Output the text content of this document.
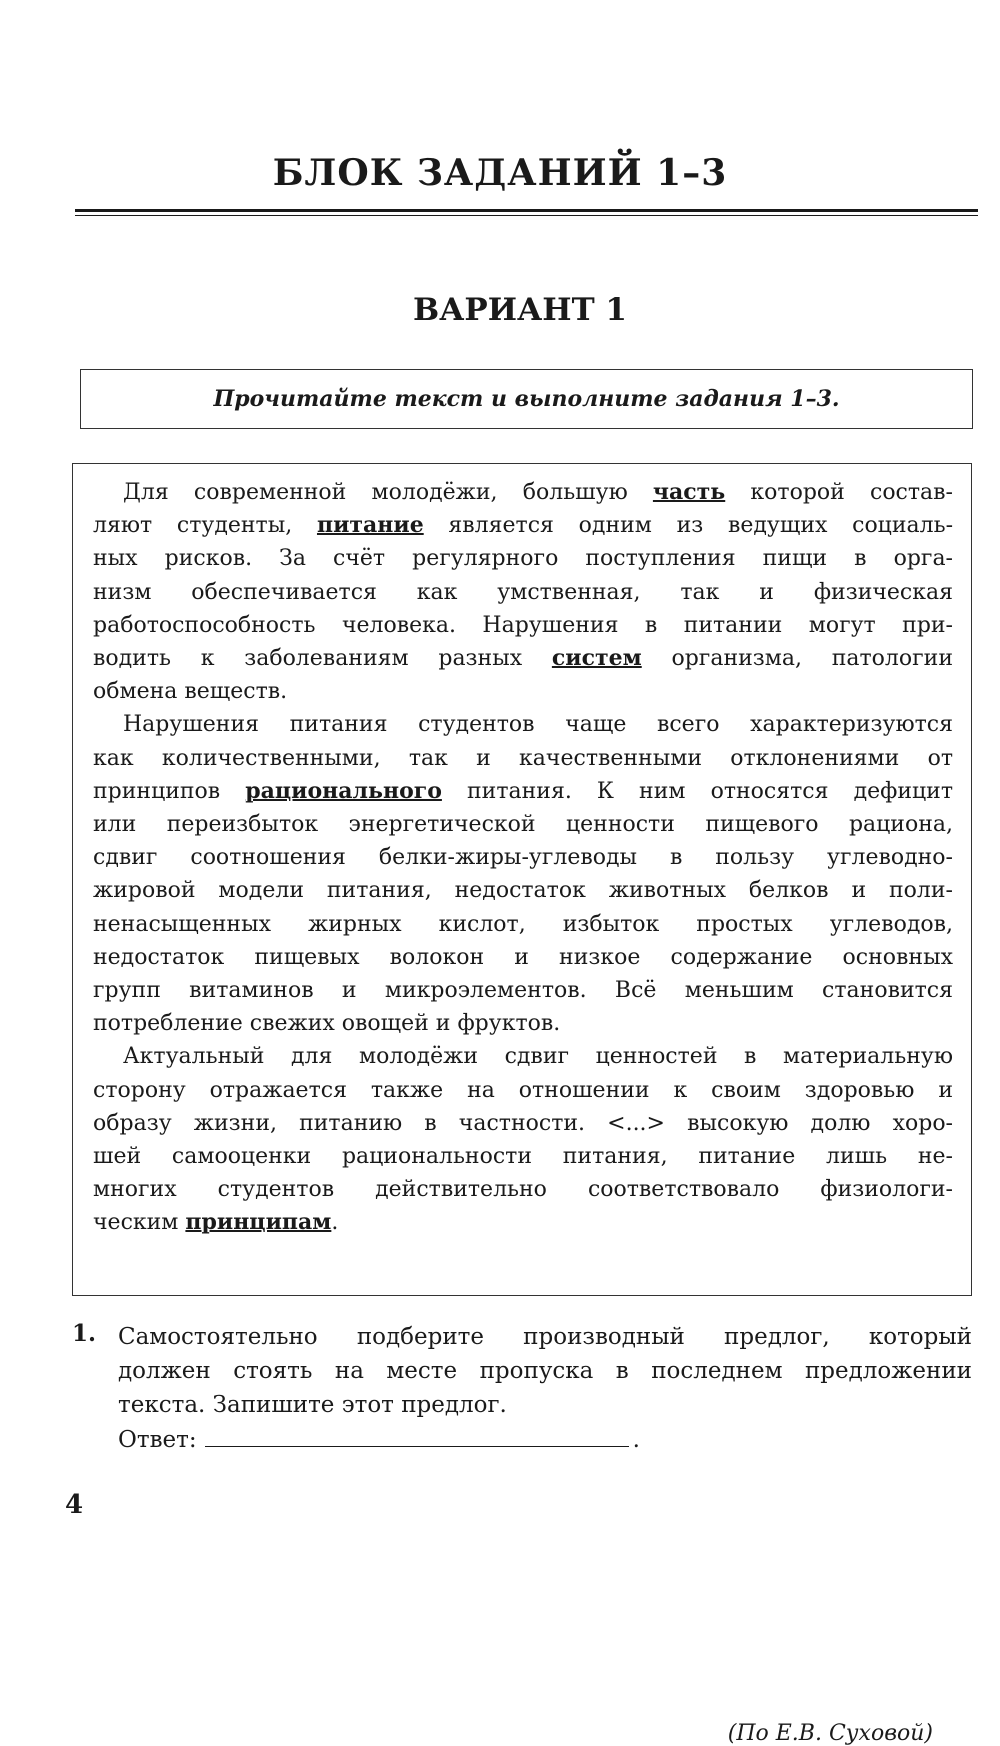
БЛОК ЗАДАНИЙ 1–3
ВАРИАНТ 1
Прочитайте текст и выполните задания 1–3.

Для современной молодёжи, большую часть которой состав-
ляют студенты, питание является одним из ведущих социаль-
ных рисков. За счёт регулярного поступления пищи в орга-
низм обеспечивается как умственная, так и физическая
работоспособность человека. Нарушения в питании могут при-
водить к заболеваниям разных систем организма, патологии
обмена веществ.

Нарушения питания студентов чаще всего характеризуются
как количественными, так и качественными отклонениями от
принципов рационального питания. К ним относятся дефицит
или переизбыток энергетической ценности пищевого рациона,
сдвиг соотношения белки-жиры-углеводы в пользу углеводно-
жировой модели питания, недостаток животных белков и поли-
ненасыщенных жирных кислот, избыток простых углеводов,
недостаток пищевых волокон и низкое содержание основных
групп витаминов и микроэлементов. Всё меньшим становится
потребление свежих овощей и фруктов.

Актуальный для молодёжи сдвиг ценностей в материальную
сторону отражается также на отношении к своим здоровью и
образу жизни, питанию в частности. <...> высокую долю хоро-
шей самооценки рациональности питания, питание лишь не-
многих студентов действительно соответствовало физиологи-
ческим принципам.

(По Е.В. Суховой)
1. Самостоятельно подберите производный предлог, который
должен стоять на месте пропуска в последнем предложении
текста. Запишите этот предлог.

Ответ:	.
4
